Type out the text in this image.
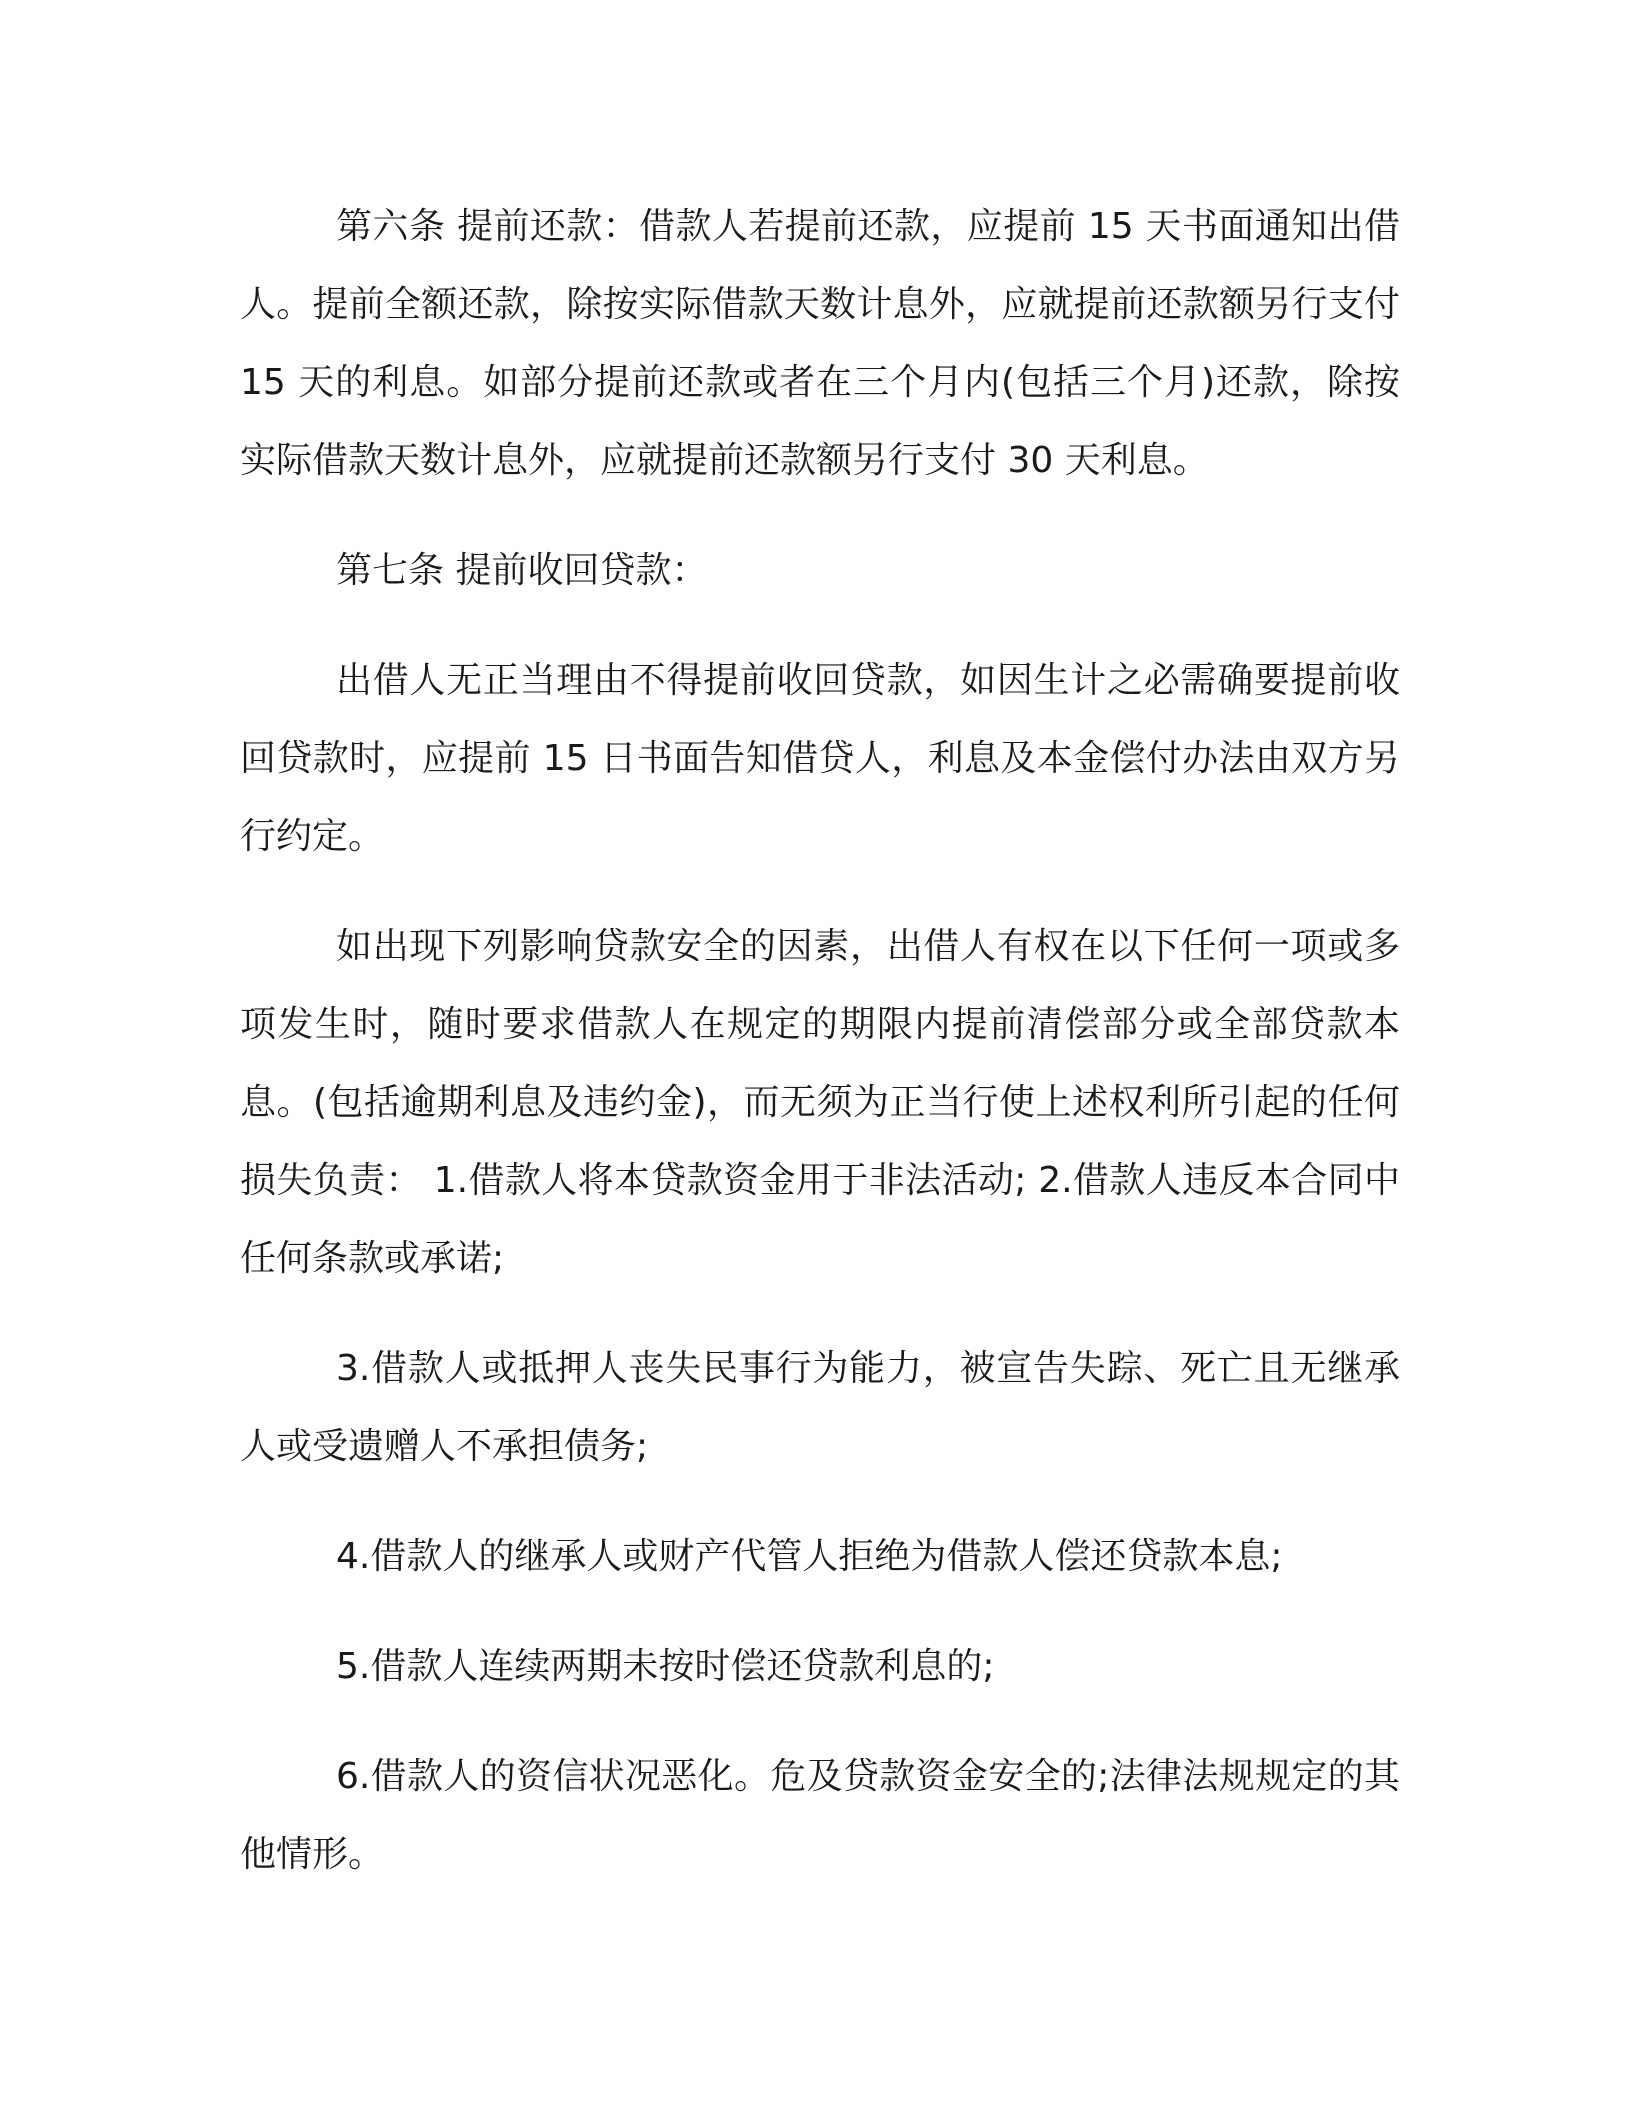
第六条 提前还款：借款人若提前还款，应提前 15 天书面通知出借人。提前全额还款，除按实际借款天数计息外，应就提前还款额另行支付 15 天的利息。如部分提前还款或者在三个月内(包括三个月)还款，除按实际借款天数计息外，应就提前还款额另行支付 30 天利息。

第七条 提前收回贷款：

出借人无正当理由不得提前收回贷款，如因生计之必需确要提前收回贷款时，应提前 15 日书面告知借贷人，利息及本金偿付办法由双方另行约定。

如出现下列影响贷款安全的因素，出借人有权在以下任何一项或多项发生时，随时要求借款人在规定的期限内提前清偿部分或全部贷款本息。(包括逾期利息及违约金)，而无须为正当行使上述权利所引起的任何损失负责： 1.借款人将本贷款资金用于非法活动; 2.借款人违反本合同中任何条款或承诺;

3.借款人或抵押人丧失民事行为能力，被宣告失踪、死亡且无继承人或受遗赠人不承担债务;

4.借款人的继承人或财产代管人拒绝为借款人偿还贷款本息;

5.借款人连续两期未按时偿还贷款利息的;

6.借款人的资信状况恶化。危及贷款资金安全的;法律法规规定的其他情形。
